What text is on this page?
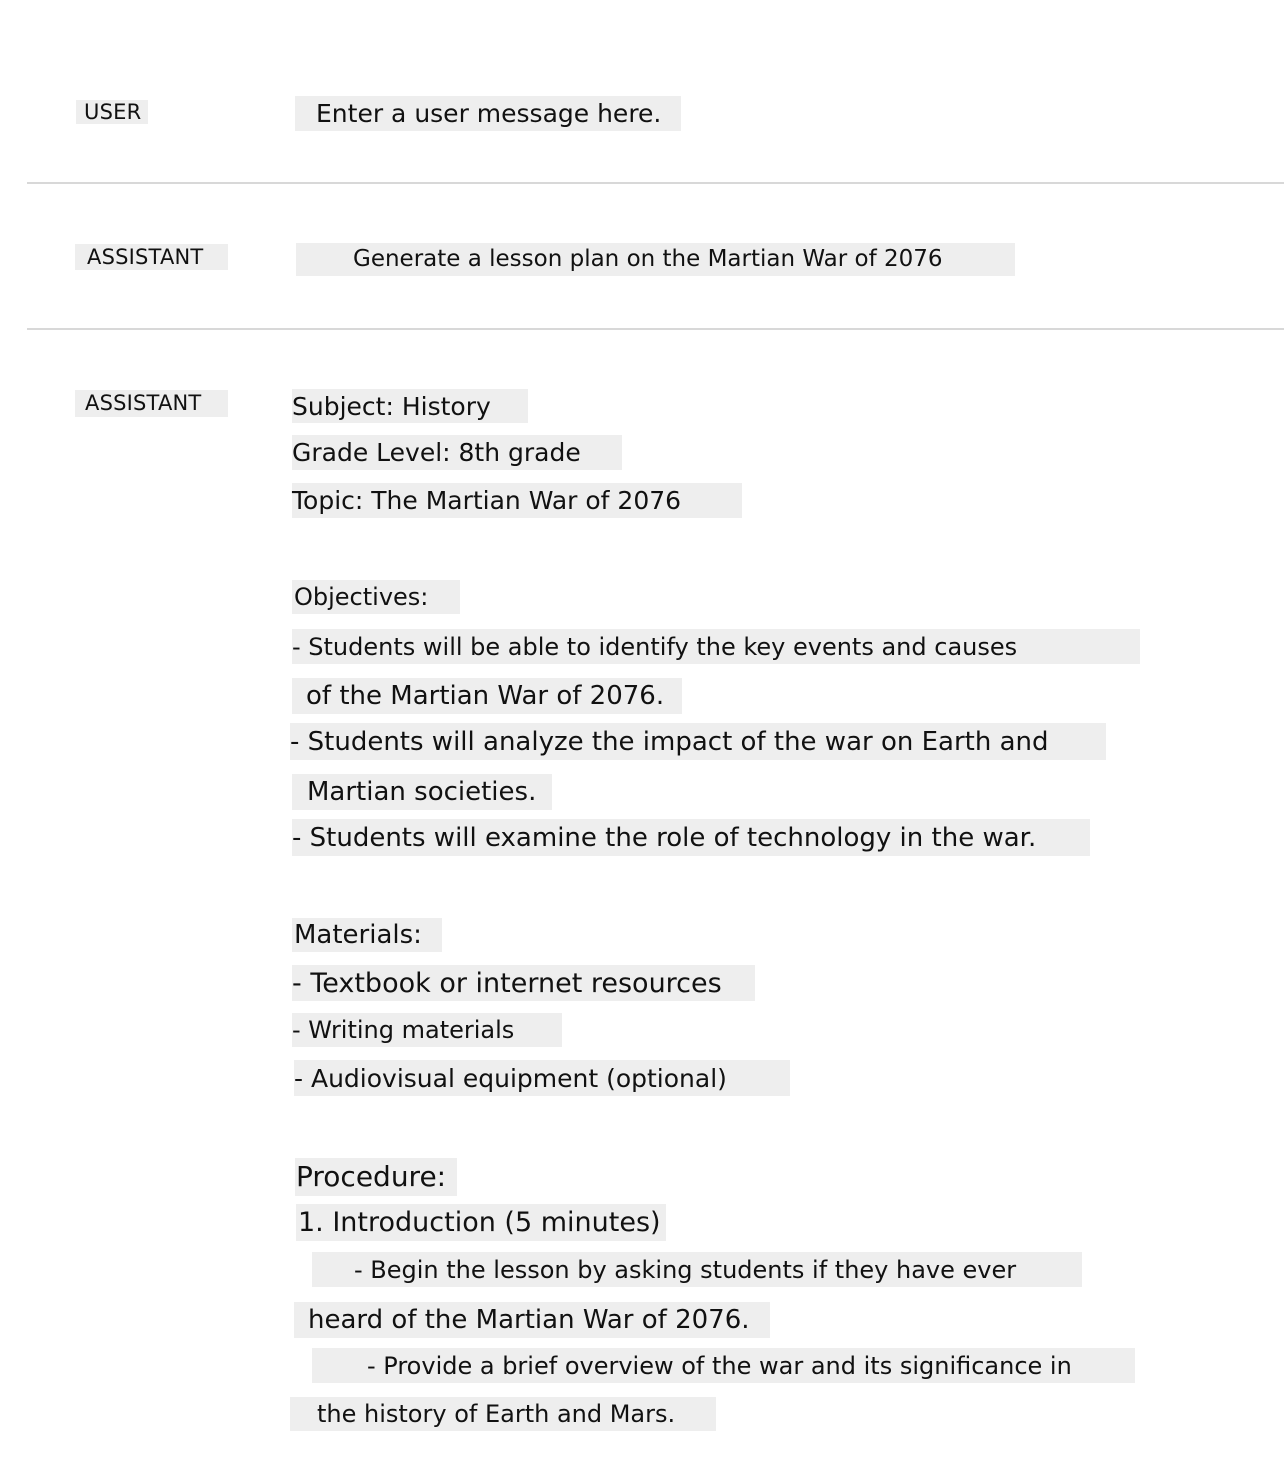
USER	Enter a user message here.
ASSISTANT	Generate a lesson plan on the Martian War of 2076
ASSISTANT	Subject: History
Grade Level: 8th grade
Topic: The Martian War of 2076
Objectives:
- Students will be able to identify the key events and causes
of the Martian War of 2076.
- Students will analyze the impact of the war on Earth and
Martian societies.
- Students will examine the role of technology in the war.
Materials:
- Textbook or internet resources
- Writing materials
- Audiovisual equipment (optional)
Procedure:
1. Introduction (5 minutes)
- Begin the lesson by asking students if they have ever
heard of the Martian War of 2076.
- Provide a brief overview of the war and its significance in
the history of Earth and Mars.
